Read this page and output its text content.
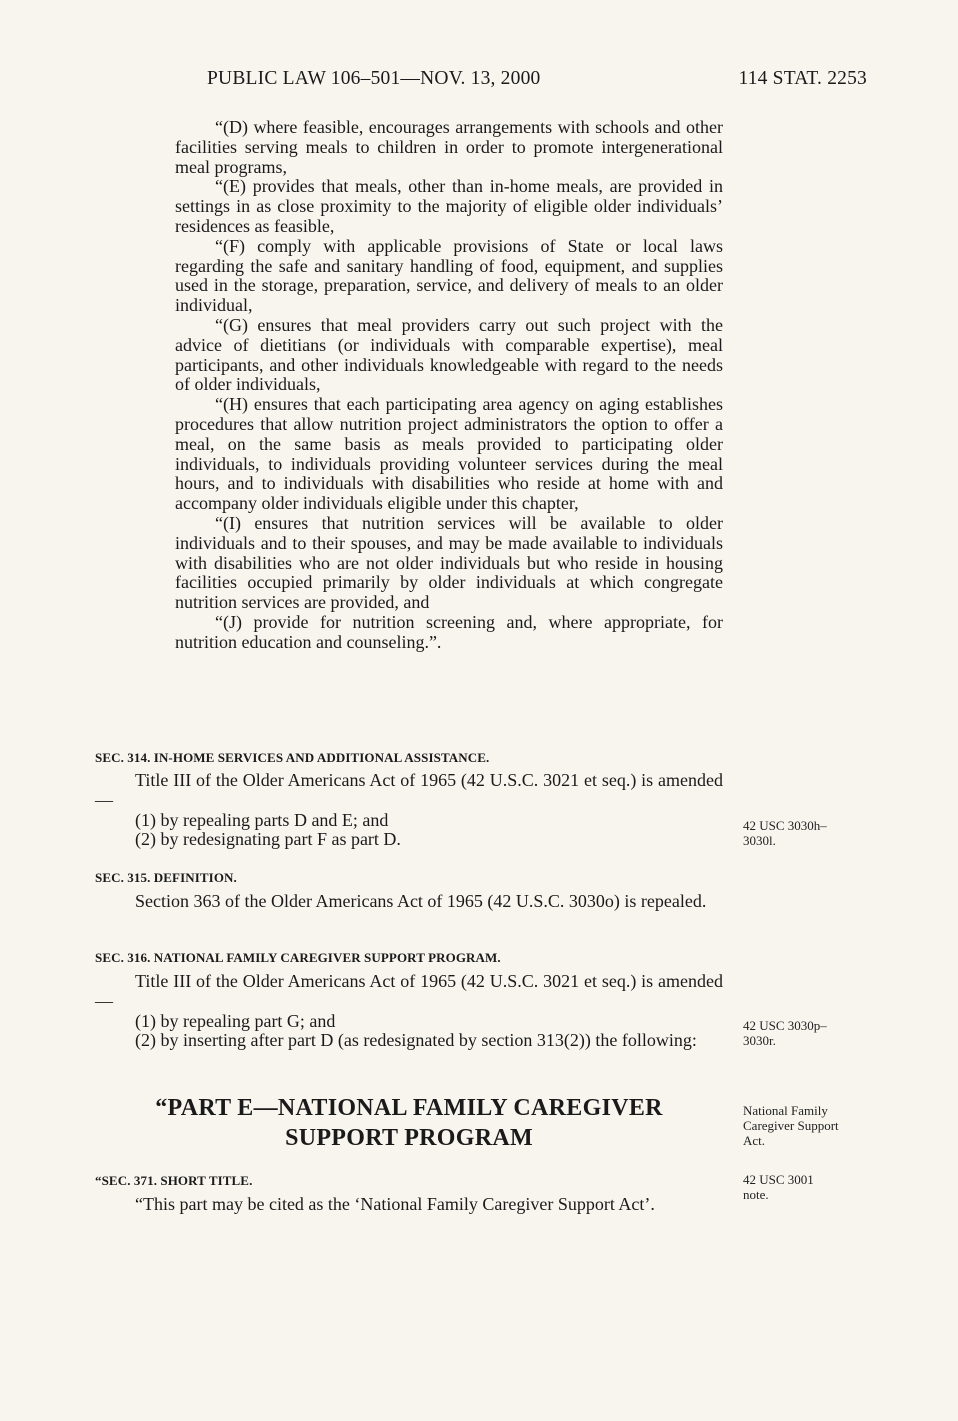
PUBLIC LAW 106–501—NOV. 13, 2000	114 STAT. 2253

“(D) where feasible, encourages arrangements with schools and other facilities serving meals to children in order to promote intergenerational meal programs,

“(E) provides that meals, other than in-home meals, are provided in settings in as close proximity to the majority of eligible older individuals’ residences as feasible,

“(F) comply with applicable provisions of State or local laws regarding the safe and sanitary handling of food, equipment, and supplies used in the storage, preparation, service, and delivery of meals to an older individual,

“(G) ensures that meal providers carry out such project with the advice of dietitians (or individuals with comparable expertise), meal participants, and other individuals knowledgeable with regard to the needs of older individuals,

“(H) ensures that each participating area agency on aging establishes procedures that allow nutrition project administrators the option to offer a meal, on the same basis as meals provided to participating older individuals, to individuals providing volunteer services during the meal hours, and to individuals with disabilities who reside at home with and accompany older individuals eligible under this chapter,

“(I) ensures that nutrition services will be available to older individuals and to their spouses, and may be made available to individuals with disabilities who are not older individuals but who reside in housing facilities occupied primarily by older individuals at which congregate nutrition services are provided, and

“(J) provide for nutrition screening and, where appropriate, for nutrition education and counseling.”.

SEC. 314. IN-HOME SERVICES AND ADDITIONAL ASSISTANCE.

Title III of the Older Americans Act of 1965 (42 U.S.C. 3021 et seq.) is amended—

(1) by repealing parts D and E; and

(2) by redesignating part F as part D.

42 USC 3030h–3030l.
SEC. 315. DEFINITION.

Section 363 of the Older Americans Act of 1965 (42 U.S.C. 3030o) is repealed.

SEC. 316. NATIONAL FAMILY CAREGIVER SUPPORT PROGRAM.

Title III of the Older Americans Act of 1965 (42 U.S.C. 3021 et seq.) is amended—

(1) by repealing part G; and

(2) by inserting after part D (as redesignated by section 313(2)) the following:

42 USC 3030p–3030r.
“PART E—NATIONAL FAMILY CAREGIVER
SUPPORT PROGRAM
National Family Caregiver Support Act.
“SEC. 371. SHORT TITLE.

“This part may be cited as the ‘National Family Caregiver Support Act’.

42 USC 3001 note.
